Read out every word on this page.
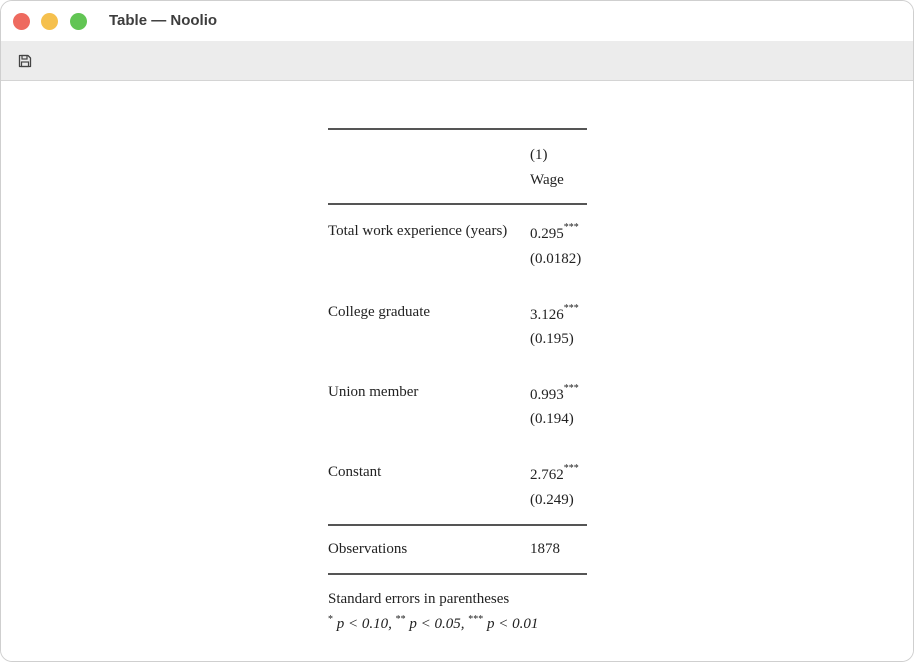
Table — Noolio
(1)
Wage
Total work experience (years) 0.295***
(0.0182)
College graduate	3.126***
(0.195)
Union member	0.993***
(0.194)
Constant	2.762***
(0.249)
Observations	1878
Standard errors in parentheses
* p < 0.10, ** p < 0.05, *** p < 0.01
